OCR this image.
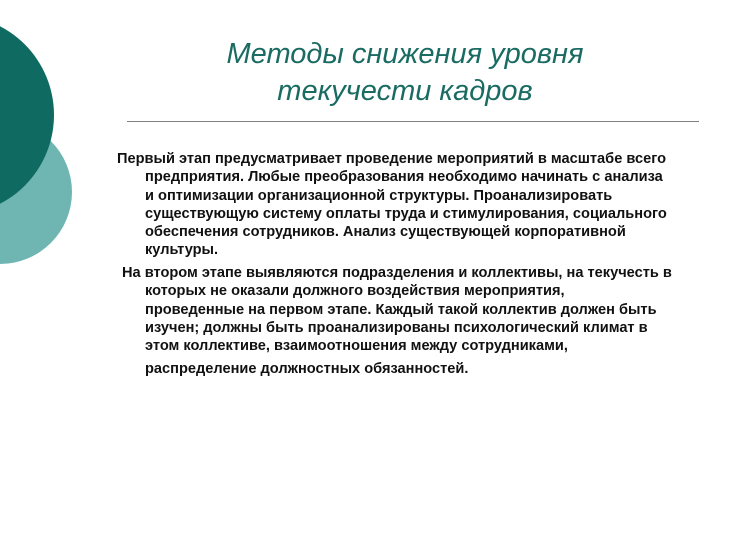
Методы снижения уровня
текучести кадров
Первый этап предусматривает проведение мероприятий в масштабе всего
предприятия. Любые преобразования необходимо начинать с анализа
и оптимизации организационной структуры. Проанализировать
существующую систему оплаты труда и стимулирования, социального
обеспечения сотрудников. Анализ существующей корпоративной
культуры.
На втором этапе выявляются подразделения и коллективы, на текучесть в
которых не оказали должного воздействия мероприятия,
проведенные на первом этапе. Каждый такой коллектив должен быть
изучен; должны быть проанализированы психологический климат в
этом коллективе, взаимоотношения между сотрудниками,
распределение должностных обязанностей.
